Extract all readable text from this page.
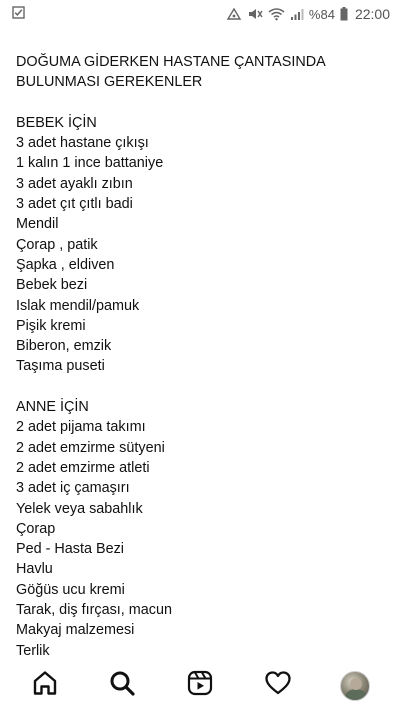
%84 22:00
DOĞUMA GİDERKEN HASTANE ÇANTASINDA
BULUNMASI GEREKENLER
BEBEK İÇİN
3 adet hastane çıkışı
1 kalın 1 ince battaniye
3 adet ayaklı zıbın
3 adet çıt çıtlı badi
Mendil
Çorap , patik
Şapka , eldiven
Bebek bezi
Islak mendil/pamuk
Pişik kremi
Biberon, emzik
Taşıma puseti
ANNE İÇİN
2 adet pijama takımı
2 adet emzirme sütyeni
2 adet emzirme atleti
3 adet iç çamaşırı
Yelek veya sabahlık
Çorap
Ped - Hasta Bezi
Havlu
Göğüs ucu kremi
Tarak, diş fırçası, macun
Makyaj malzemesi
Terlik
